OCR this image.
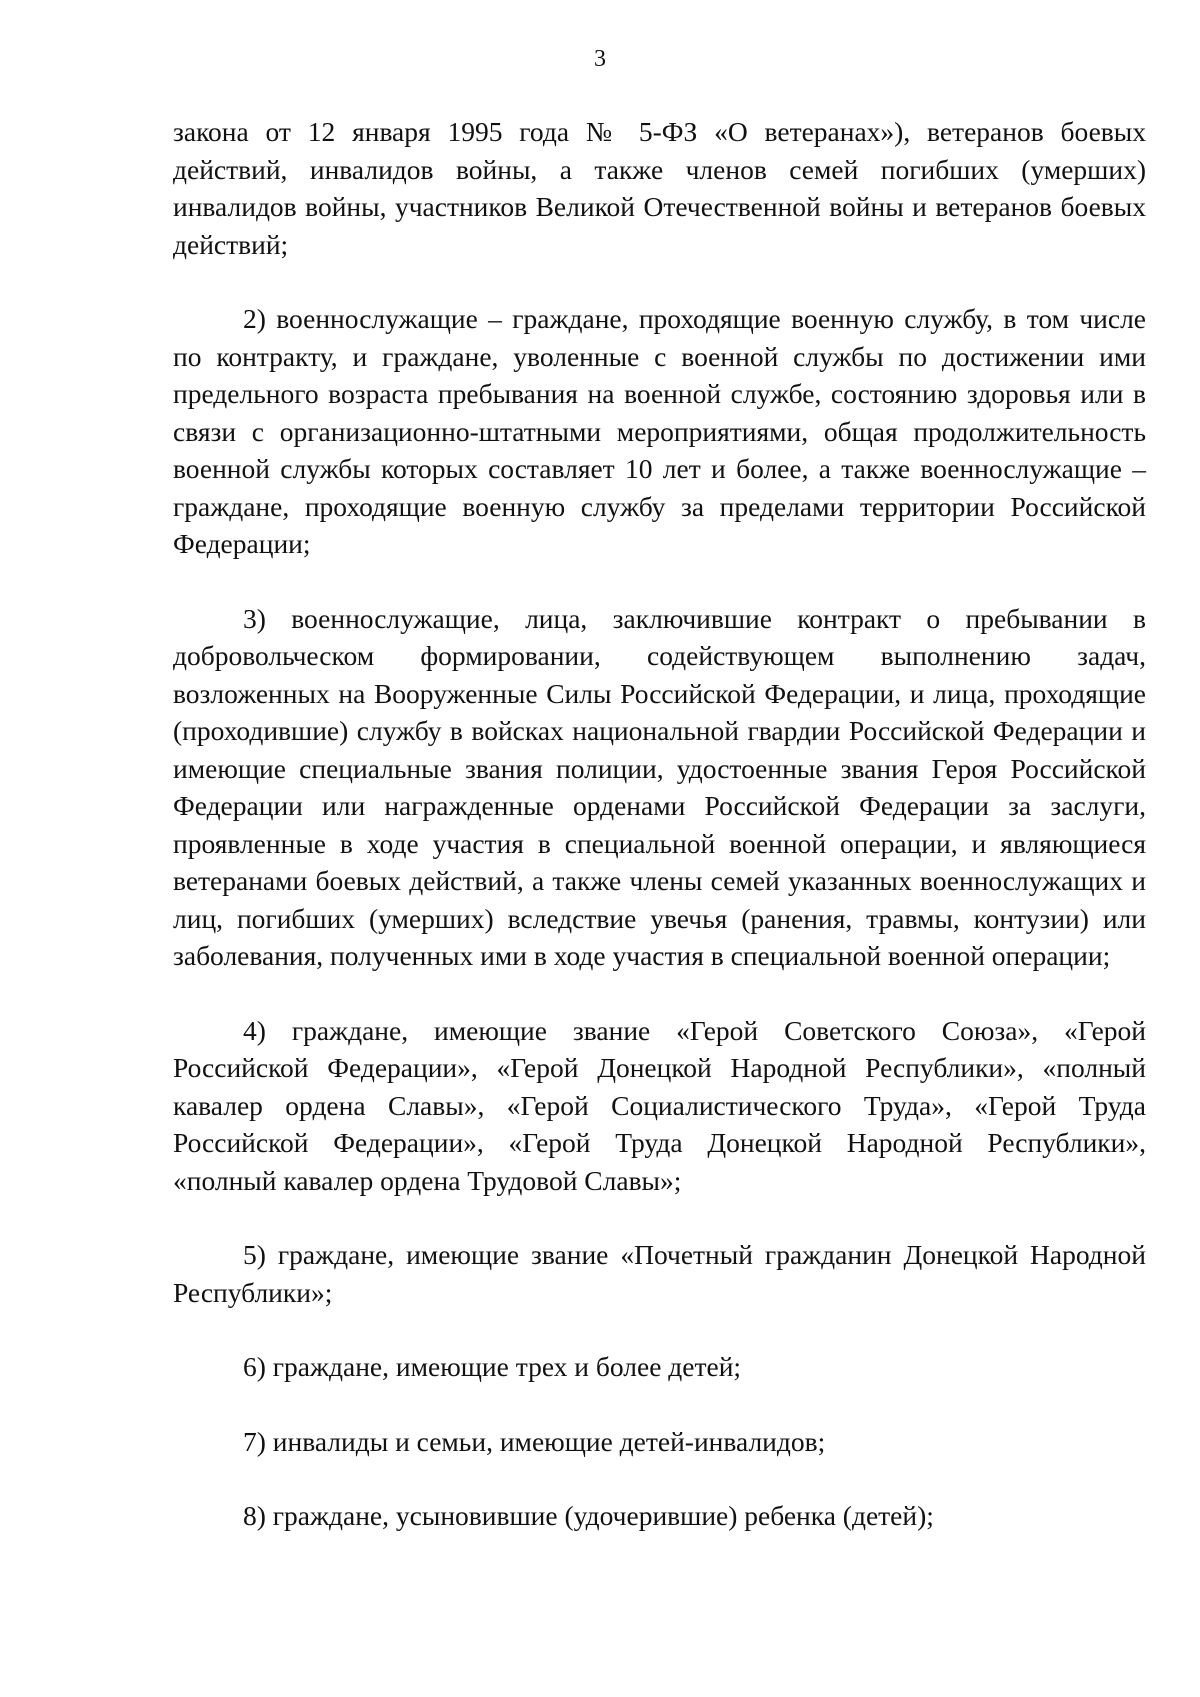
3

закона от 12 января 1995 года № 5-ФЗ «О ветеранах»), ветеранов боевых действий, инвалидов войны, а также членов семей погибших (умерших) инвалидов войны, участников Великой Отечественной войны и ветеранов боевых действий;

2) военнослужащие – граждане, проходящие военную службу, в том числе по контракту, и граждане, уволенные с военной службы по достижении ими предельного возраста пребывания на военной службе, состоянию здоровья или в связи с организационно-штатными мероприятиями, общая продолжительность военной службы которых составляет 10 лет и более, а также военнослужащие – граждане, проходящие военную службу за пределами территории Российской Федерации;

3) военнослужащие, лица, заключившие контракт о пребывании в добровольческом формировании, содействующем выполнению задач, возложенных на Вооруженные Силы Российской Федерации, и лица, проходящие (проходившие) службу в войсках национальной гвардии Российской Федерации и имеющие специальные звания полиции, удостоенные звания Героя Российской Федерации или награжденные орденами Российской Федерации за заслуги, проявленные в ходе участия в специальной военной операции, и являющиеся ветеранами боевых действий, а также члены семей указанных военнослужащих и лиц, погибших (умерших) вследствие увечья (ранения, травмы, контузии) или заболевания, полученных ими в ходе участия в специальной военной операции;

4) граждане, имеющие звание «Герой Советского Союза», «Герой Российской Федерации», «Герой Донецкой Народной Республики», «полный кавалер ордена Славы», «Герой Социалистического Труда», «Герой Труда Российской Федерации», «Герой Труда Донецкой Народной Республики», «полный кавалер ордена Трудовой Славы»;

5) граждане, имеющие звание «Почетный гражданин Донецкой Народной Республики»;

6) граждане, имеющие трех и более детей;

7) инвалиды и семьи, имеющие детей-инвалидов;

8) граждане, усыновившие (удочерившие) ребенка (детей);
